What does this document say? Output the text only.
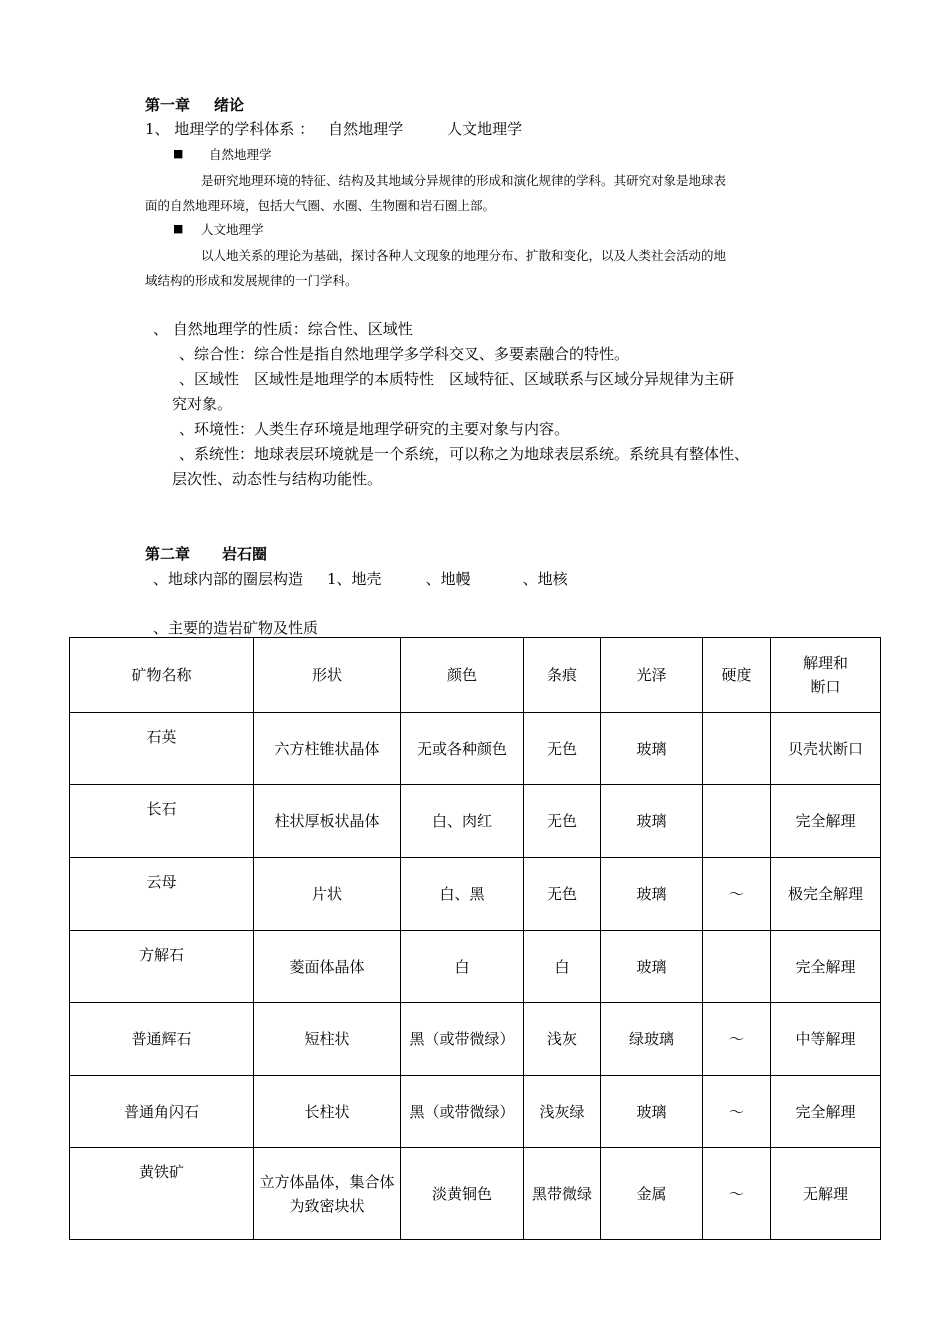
第一章 绪论
1、 地理学的学科体系 ： 自然地理学	人文地理学
■ 自然地理学
是研究地理环境的特征、结构及其地域分异规律的形成和演化规律的学科。其研究对象是地球表
面的自然地理环境，包括大气圈、水圈、生物圈和岩石圈上部。
■ 人文地理学
以人地关系的理论为基础，探讨各种人文现象的地理分布、扩散和变化，以及人类社会活动的地
域结构的形成和发展规律的一门学科。
、 自然地理学的性质：综合性、区域性
、综合性：综合性是指自然地理学多学科交叉、多要素融合的特性。
、区域性　区域性是地理学的本质特性　区域特征、区域联系与区域分异规律为主研
究对象。
、环境性：人类生存环境是地理学研究的主要对象与内容。
、系统性：地球表层环境就是一个系统，可以称之为地球表层系统。系统具有整体性、
层次性、动态性与结构功能性。
第二章 岩石圈
、地球内部的圈层构造 1、地壳	、地幔	、地核
、主要的造岩矿物及性质
矿物名称	形状	颜色	条痕	光泽	硬度	解理和
断口
石英	六方柱锥状晶体	无或各种颜色	无色	玻璃		贝壳状断口
长石	柱状厚板状晶体	白、肉红	无色	玻璃		完全解理
云母	片状	白、黑	无色	玻璃	～	极完全解理
方解石	菱面体晶体	白	白	玻璃		完全解理
普通辉石	短柱状	黑（或带微绿）	浅灰	绿玻璃	～	中等解理
普通角闪石	长柱状	黑（或带微绿）	浅灰绿	玻璃	～	完全解理
黄铁矿	立方体晶体，集合体
为致密块状	淡黄铜色	黑带微绿	金属	～	无解理
